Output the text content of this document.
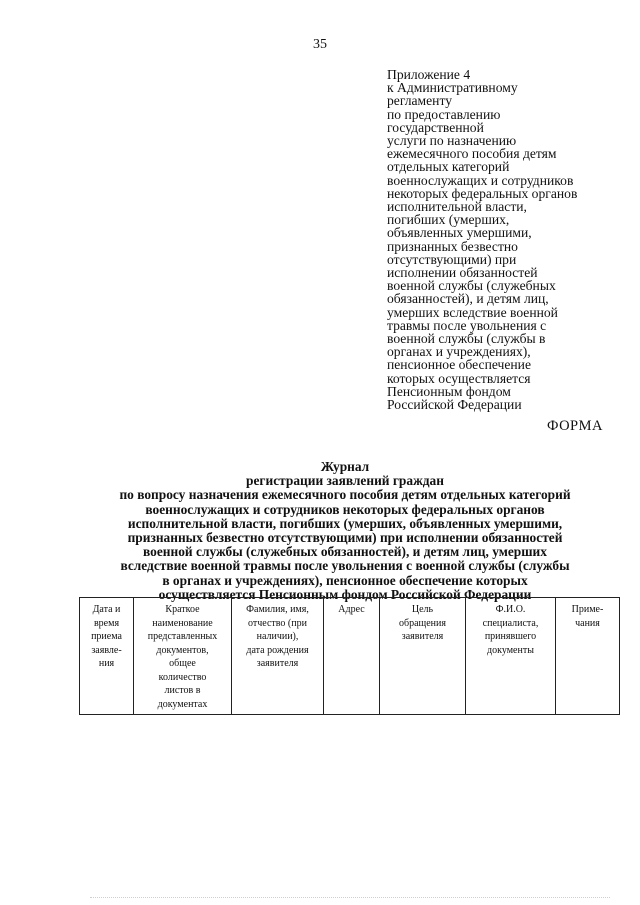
35
Приложение 4
к Административному
регламенту
по предоставлению
государственной
услуги по назначению
ежемесячного пособия детям
отдельных категорий
военнослужащих и сотрудников
некоторых федеральных органов
исполнительной власти,
погибших (умерших,
объявленных умершими,
признанных безвестно
отсутствующими) при
исполнении обязанностей
военной службы (служебных
обязанностей), и детям лиц,
умерших вследствие военной
травмы после увольнения с
военной службы (службы в
органах и учреждениях),
пенсионное обеспечение
которых осуществляется
Пенсионным фондом
Российской Федерации
ФОРМА
Журнал
регистрации заявлений граждан
по вопросу назначения ежемесячного пособия детям отдельных категорий
военнослужащих и сотрудников некоторых федеральных органов
исполнительной власти, погибших (умерших, объявленных умершими,
признанных безвестно отсутствующими) при исполнении обязанностей
военной службы (служебных обязанностей), и детям лиц, умерших
вследствие военной травмы после увольнения с военной службы (службы
в органах и учреждениях), пенсионное обеспечение которых
осуществляется Пенсионным фондом Российской Федерации
Дата и
время
приема
заявле-
ния	Краткое
наименование
представленных
документов,
общее
количество
листов в
документах	Фамилия, имя,
отчество (при
наличии),
дата рождения
заявителя	Адрес	Цель
обращения
заявителя	Ф.И.О.
специалиста,
принявшего
документы	Приме-
чания
